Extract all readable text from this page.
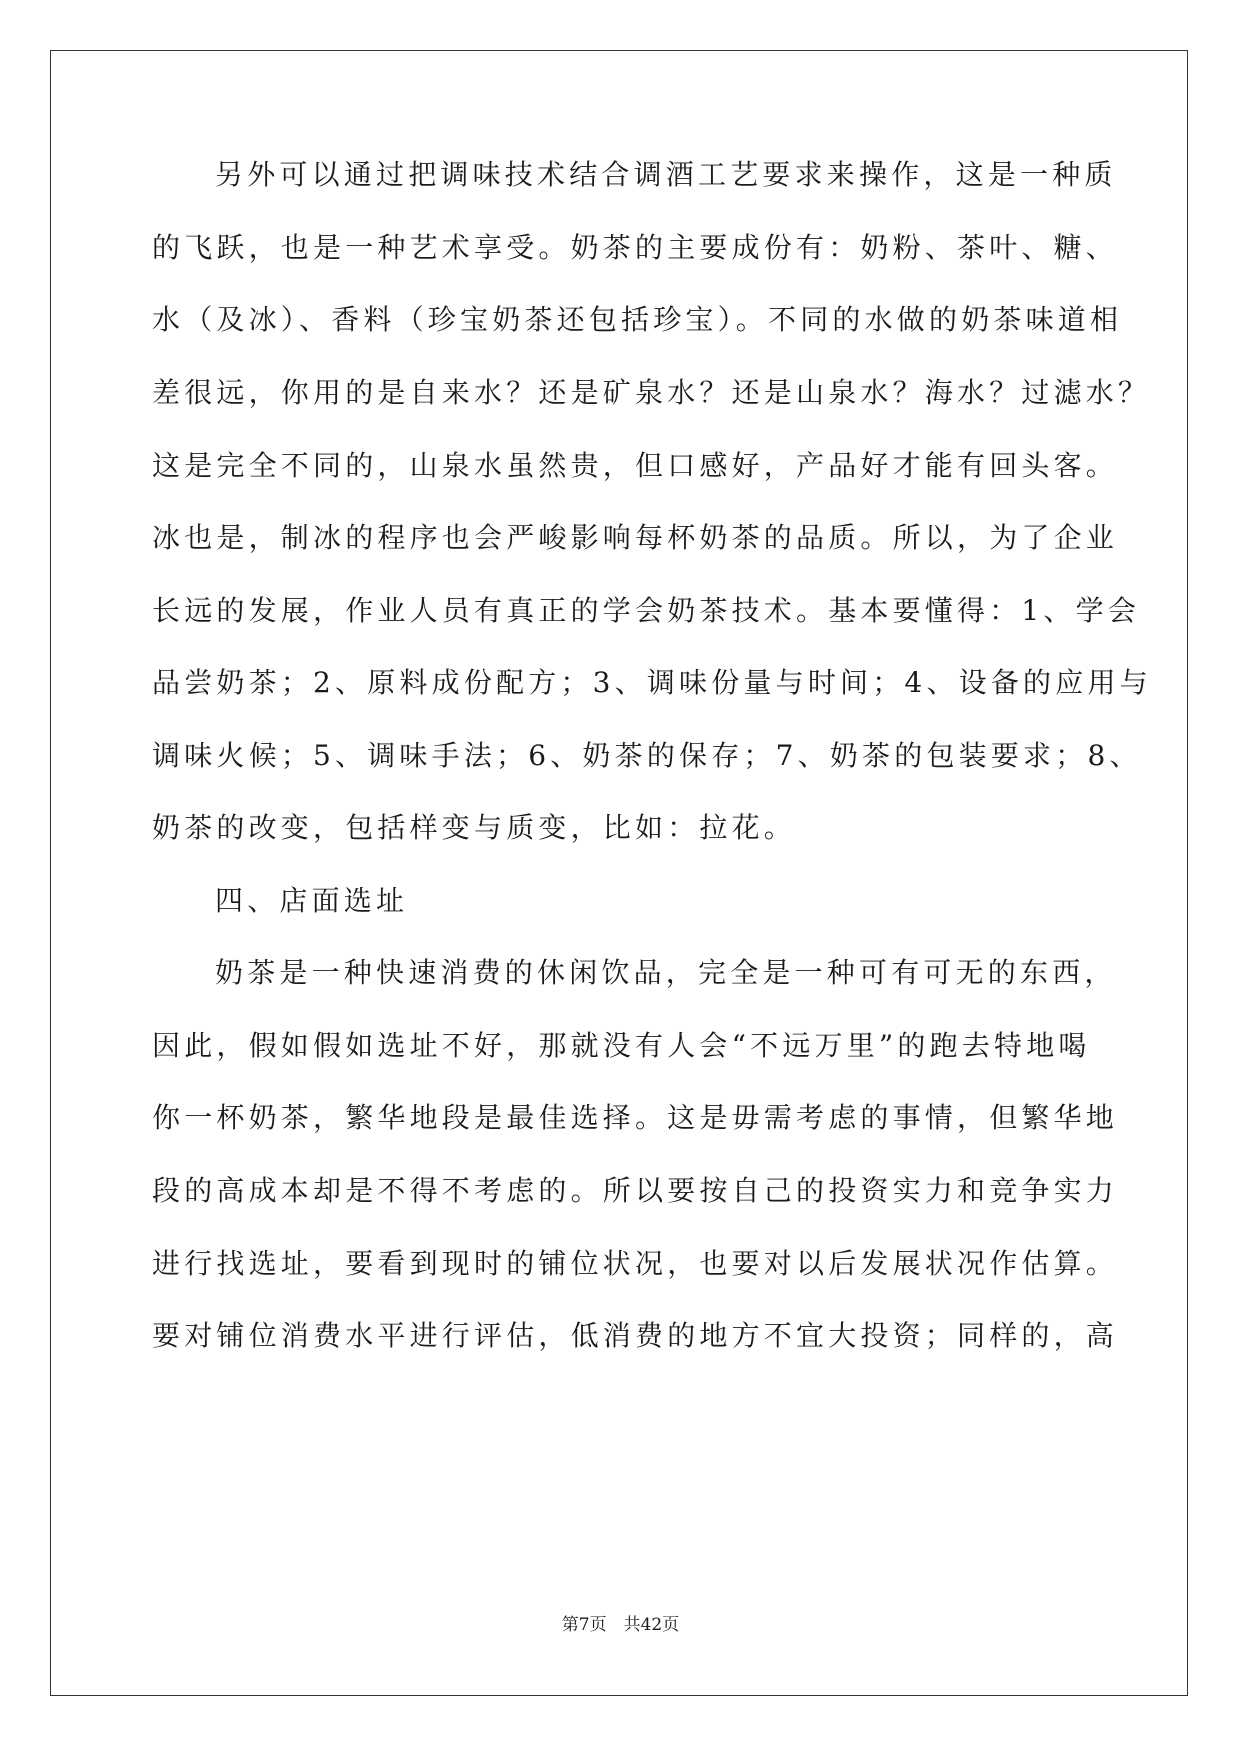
另外可以通过把调味技术结合调酒工艺要求来操作，这是一种质
的飞跃，也是一种艺术享受。奶茶的主要成份有：奶粉、茶叶、糖、
水（及冰）、香料（珍宝奶茶还包括珍宝）。不同的水做的奶茶味道相
差很远，你用的是自来水？还是矿泉水？还是山泉水？海水？过滤水？
这是完全不同的，山泉水虽然贵，但口感好，产品好才能有回头客。
冰也是，制冰的程序也会严峻影响每杯奶茶的品质。所以，为了企业
长远的发展，作业人员有真正的学会奶茶技术。基本要懂得：1、学会
品尝奶茶；2、原料成份配方；3、调味份量与时间；4、设备的应用与
调味火候；5、调味手法；6、奶茶的保存；7、奶茶的包装要求；8、
奶茶的改变，包括样变与质变，比如：拉花。
四、店面选址
奶茶是一种快速消费的休闲饮品，完全是一种可有可无的东西，
因此，假如假如选址不好，那就没有人会“不远万里”的跑去特地喝
你一杯奶茶，繁华地段是最佳选择。这是毋需考虑的事情，但繁华地
段的高成本却是不得不考虑的。所以要按自己的投资实力和竞争实力
进行找选址，要看到现时的铺位状况，也要对以后发展状况作估算。
要对铺位消费水平进行评估，低消费的地方不宜大投资；同样的，高
第7页　共42页
